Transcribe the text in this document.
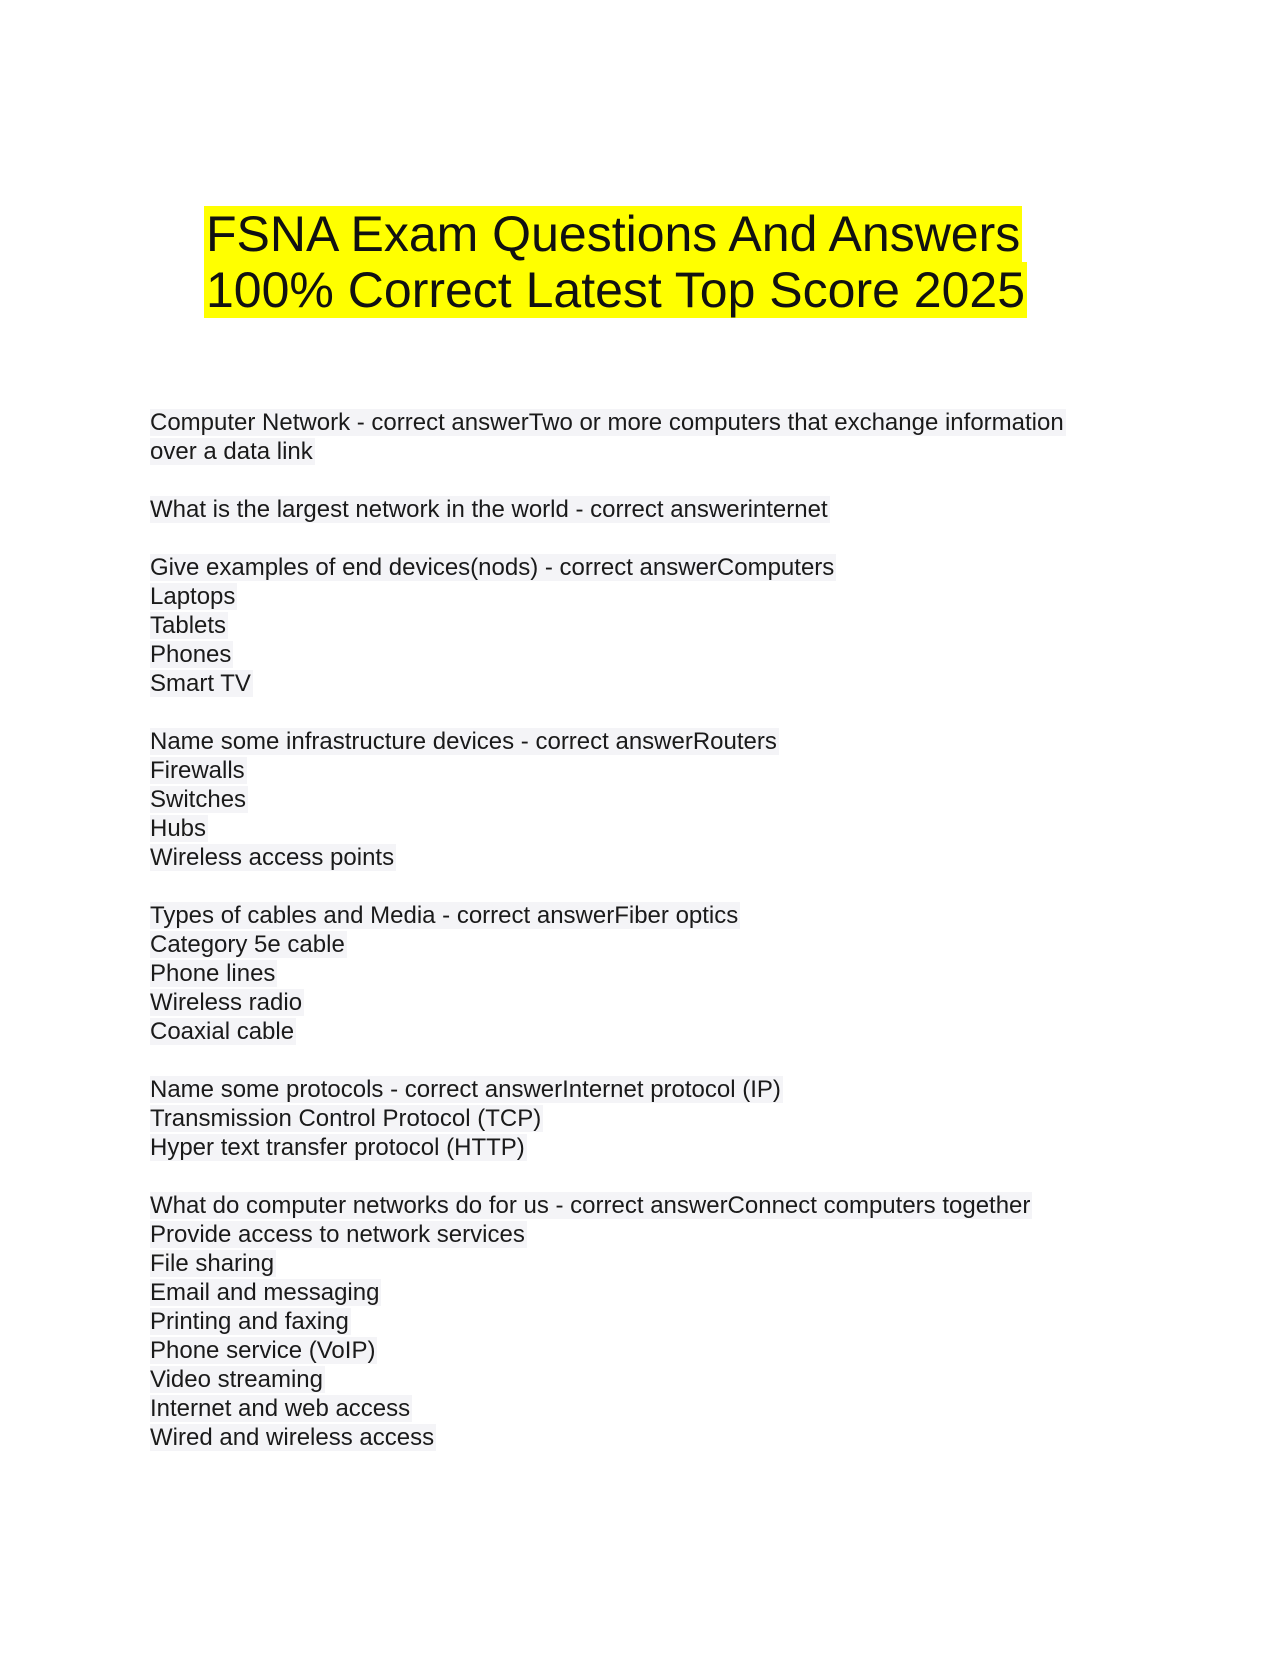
FSNA Exam Questions And Answers
100% Correct Latest Top Score 2025
Computer Network - correct answerTwo or more computers that exchange information
over a data link
What is the largest network in the world - correct answerinternet
Give examples of end devices(nods) - correct answerComputers
Laptops
Tablets
Phones
Smart TV
Name some infrastructure devices - correct answerRouters
Firewalls
Switches
Hubs
Wireless access points
Types of cables and Media - correct answerFiber optics
Category 5e cable
Phone lines
Wireless radio
Coaxial cable
Name some protocols - correct answerInternet protocol (IP)
Transmission Control Protocol (TCP)
Hyper text transfer protocol (HTTP)
What do computer networks do for us - correct answerConnect computers together
Provide access to network services
File sharing
Email and messaging
Printing and faxing
Phone service (VoIP)
Video streaming
Internet and web access
Wired and wireless access
